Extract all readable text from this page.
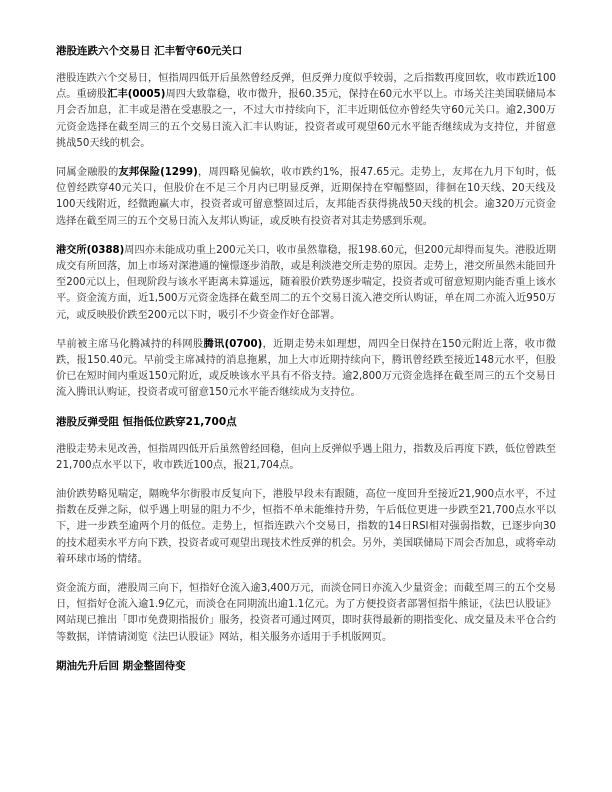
港股连跌六个交易日 汇丰暂守60元关口

港股连跌六个交易日，恒指周四低开后虽然曾经反弹，但反弹力度似乎较弱，之后指数再度回软，收市跌近100点。重磅股汇丰(0005)周四大致靠稳，收市微升，报60.35元，保持在60元水平以上。市场关注美国联储局本月会否加息，汇丰或是潜在受惠股之一，不过大市持续向下，汇丰近期低位亦曾经失守60元关口。逾2,300万元资金选择在截至周三的五个交易日流入汇丰认购证，投资者或可观望60元水平能否继续成为支持位，并留意挑战50天线的机会。

同属金融股的友邦保险(1299)，周四略见偏软，收市跌约1%，报47.65元。走势上，友邦在九月下旬时，低位曾经跌穿40元关口，但股价在不足三个月内已明显反弹，近期保持在窄幅整固，徘徊在10天线、20天线及100天线附近，经微跑赢大市，投资者或可留意整固过后，友邦能否获得挑战50天线的机会。逾320万元资金选择在截至周三的五个交易日流入友邦认购证，或反映有投资者对其走势感到乐观。

港交所(0388)周四亦未能成功重上200元关口，收市虽然靠稳，报198.60元，但200元却得而复失。港股近期成交有所回落，加上市场对深港通的憧憬逐步消散，或是利淡港交所走势的原因。走势上，港交所虽然未能回升至200元以上，但现阶段与该水平距离未算遥远，随着股价跌势逐步喘定，投资者或可留意短期内能否重上该水平。资金流方面，近1,500万元资金选择在截至周二的五个交易日流入港交所认购证，单在周二亦流入近950万元，或反映股价跌至200元以下时，吸引不少资金作好仓部署。

早前被主席马化腾减持的科网股腾讯(0700)，近期走势未如理想，周四全日保持在150元附近上落，收市微跌，报150.40元。早前受主席减持的消息拖累，加上大市近期持续向下，腾讯曾经跌至接近148元水平，但股价已在短时间内重返150元附近，或反映该水平具有不俗支持。逾2,800万元资金选择在截至周三的五个交易日流入腾讯认购证，投资者或可留意150元水平能否继续成为支持位。

港股反弹受阻 恒指低位跌穿21,700点

港股走势未见改善，恒指周四低开后虽然曾经回稳，但向上反弹似乎遇上阻力，指数及后再度下跌，低位曾跌至21,700点水平以下，收市跌近100点，报21,704点。

油价跌势略见喘定，隔晚华尔街股市反复向下，港股早段未有跟随，高位一度回升至接近21,900点水平，不过指数在反弹之际，似乎遇上明显的阻力不少，恒指不单未能维持升势，午后低位更进一步跌至21,700点水平以下，进一步跌至逾两个月的低位。走势上，恒指连跌六个交易日，指数的14日RSI相对强弱指数，已逐步向30的技术超卖水平方向下跌，投资者或可观望出现技术性反弹的机会。另外，美国联储局下周会否加息，或将牵动着环球市场的情绪。

资金流方面，港股周三向下，恒指好仓流入逾3,400万元，而淡仓同日亦流入少量资金；而截至周三的五个交易日，恒指好仓流入逾1.9亿元，而淡仓在同期流出逾1.1亿元。为了方便投资者部署恒指牛熊证，《法巴认股证》网站现已推出「即市免费期指报价」服务，投资者可通过网页，即时获得最新的期指变化、成交量及未平仓合约等数据，详情请浏览《法巴认股证》网站，相关服务亦适用于手机版网页。

期油先升后回 期金整固待变
